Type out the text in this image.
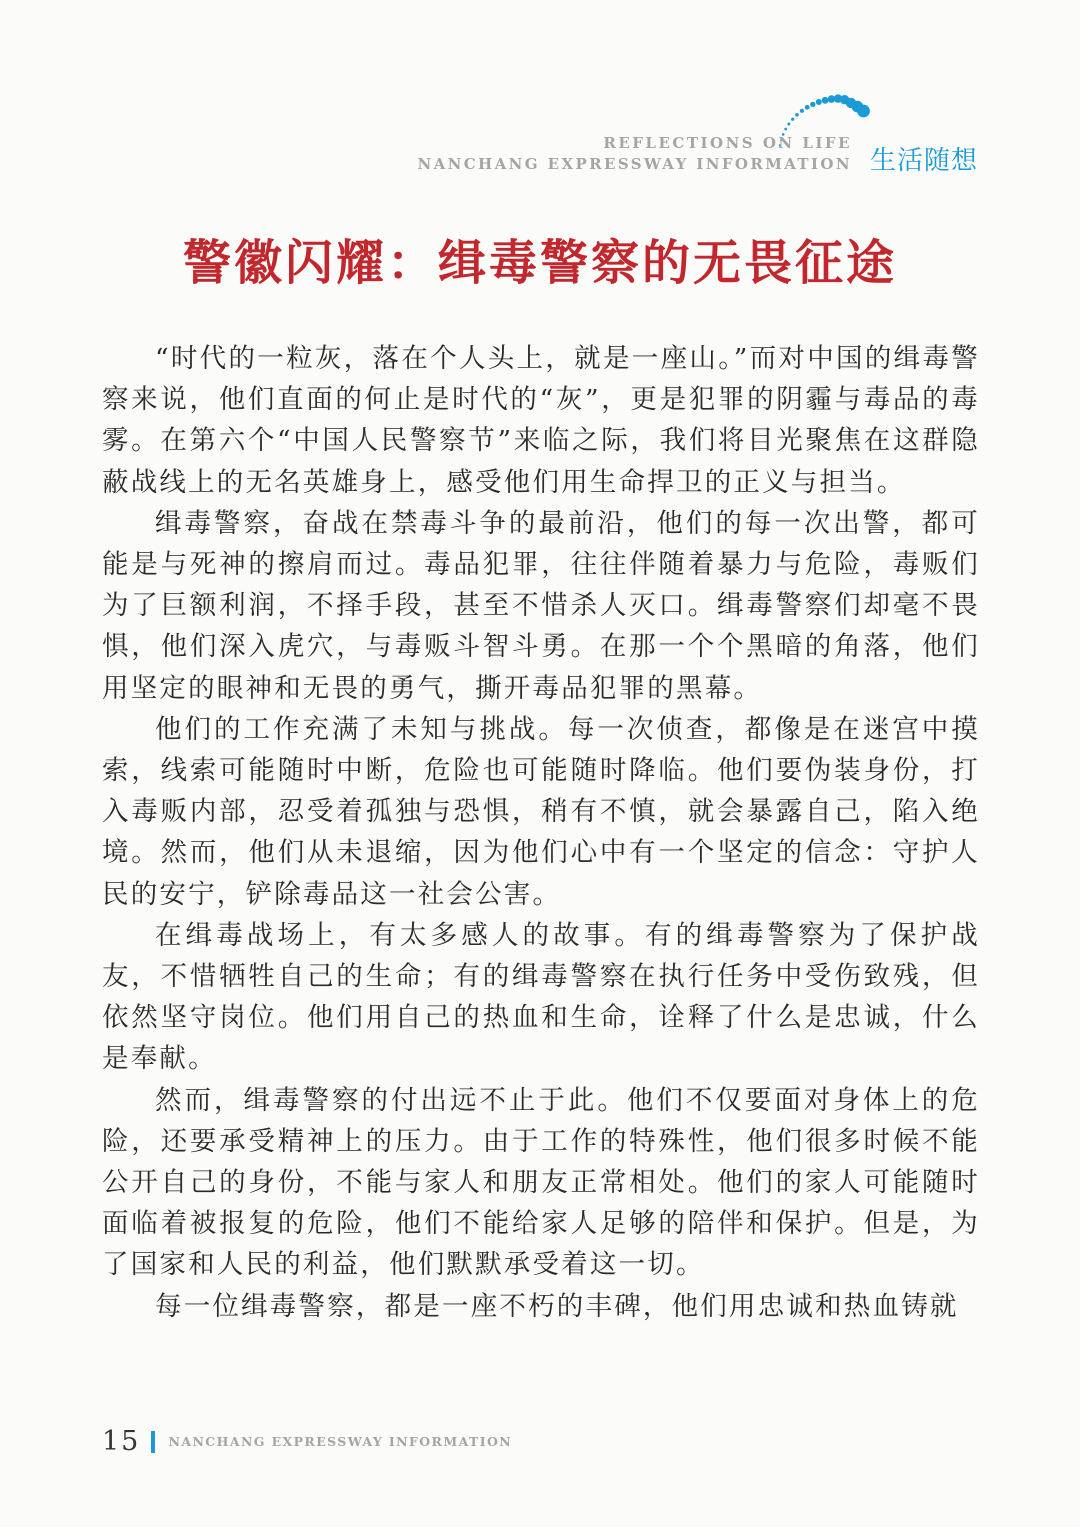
REFLECTIONS ON LIFE
NANCHANG EXPRESSWAY INFORMATION 生活随想
警徽闪耀：缉毒警察的无畏征途

“时代的一粒灰，落在个人头上，就是一座山。”而对中国的缉毒警察来说，他们直面的何止是时代的“灰”，更是犯罪的阴霾与毒品的毒雾。在第六个“中国人民警察节”来临之际，我们将目光聚焦在这群隐蔽战线上的无名英雄身上，感受他们用生命捍卫的正义与担当。

缉毒警察，奋战在禁毒斗争的最前沿，他们的每一次出警，都可能是与死神的擦肩而过。毒品犯罪，往往伴随着暴力与危险，毒贩们为了巨额利润，不择手段，甚至不惜杀人灭口。缉毒警察们却毫不畏惧，他们深入虎穴，与毒贩斗智斗勇。在那一个个黑暗的角落，他们用坚定的眼神和无畏的勇气，撕开毒品犯罪的黑幕。

他们的工作充满了未知与挑战。每一次侦查，都像是在迷宫中摸索，线索可能随时中断，危险也可能随时降临。他们要伪装身份，打入毒贩内部，忍受着孤独与恐惧，稍有不慎，就会暴露自己，陷入绝境。然而，他们从未退缩，因为他们心中有一个坚定的信念：守护人民的安宁，铲除毒品这一社会公害。

在缉毒战场上，有太多感人的故事。有的缉毒警察为了保护战友，不惜牺牲自己的生命；有的缉毒警察在执行任务中受伤致残，但依然坚守岗位。他们用自己的热血和生命，诠释了什么是忠诚，什么是奉献。

然而，缉毒警察的付出远不止于此。他们不仅要面对身体上的危险，还要承受精神上的压力。由于工作的特殊性，他们很多时候不能公开自己的身份，不能与家人和朋友正常相处。他们的家人可能随时面临着被报复的危险，他们不能给家人足够的陪伴和保护。但是，为了国家和人民的利益，他们默默承受着这一切。

每一位缉毒警察，都是一座不朽的丰碑，他们用忠诚和热血铸就

15 NANCHANG EXPRESSWAY INFORMATION
